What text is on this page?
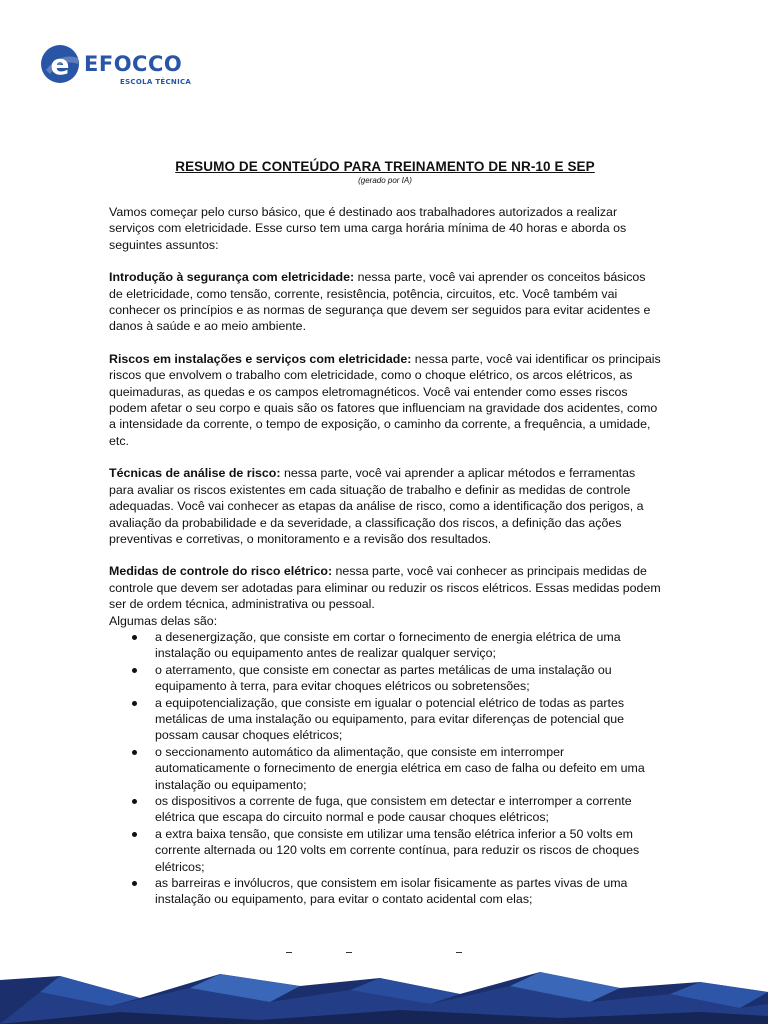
e EFOCCO
ESCOLA TÉCNICA

RESUMO DE CONTEÚDO PARA TREINAMENTO DE NR-10 E SEP

(gerado por IA)

Vamos começar pelo curso básico, que é destinado aos trabalhadores autorizados a realizar serviços com eletricidade. Esse curso tem uma carga horária mínima de 40 horas e aborda os seguintes assuntos:

Introdução à segurança com eletricidade: nessa parte, você vai aprender os conceitos básicos de eletricidade, como tensão, corrente, resistência, potência, circuitos, etc. Você também vai conhecer os princípios e as normas de segurança que devem ser seguidos para evitar acidentes e danos à saúde e ao meio ambiente.

Riscos em instalações e serviços com eletricidade: nessa parte, você vai identificar os principais riscos que envolvem o trabalho com eletricidade, como o choque elétrico, os arcos elétricos, as queimaduras, as quedas e os campos eletromagnéticos. Você vai entender como esses riscos podem afetar o seu corpo e quais são os fatores que influenciam na gravidade dos acidentes, como a intensidade da corrente, o tempo de exposição, o caminho da corrente, a frequência, a umidade, etc.

Técnicas de análise de risco: nessa parte, você vai aprender a aplicar métodos e ferramentas para avaliar os riscos existentes em cada situação de trabalho e definir as medidas de controle adequadas. Você vai conhecer as etapas da análise de risco, como a identificação dos perigos, a avaliação da probabilidade e da severidade, a classificação dos riscos, a definição das ações preventivas e corretivas, o monitoramento e a revisão dos resultados.

Medidas de controle do risco elétrico: nessa parte, você vai conhecer as principais medidas de controle que devem ser adotadas para eliminar ou reduzir os riscos elétricos. Essas medidas podem ser de ordem técnica, administrativa ou pessoal.

Algumas delas são:

a desenergização, que consiste em cortar o fornecimento de energia elétrica de uma instalação ou equipamento antes de realizar qualquer serviço;
o aterramento, que consiste em conectar as partes metálicas de uma instalação ou equipamento à terra, para evitar choques elétricos ou sobretensões;
a equipotencialização, que consiste em igualar o potencial elétrico de todas as partes metálicas de uma instalação ou equipamento, para evitar diferenças de potencial que possam causar choques elétricos;
o seccionamento automático da alimentação, que consiste em interromper automaticamente o fornecimento de energia elétrica em caso de falha ou defeito em uma instalação ou equipamento;
os dispositivos a corrente de fuga, que consistem em detectar e interromper a corrente elétrica que escapa do circuito normal e pode causar choques elétricos;
a extra baixa tensão, que consiste em utilizar uma tensão elétrica inferior a 50 volts em corrente alternada ou 120 volts em corrente contínua, para reduzir os riscos de choques elétricos;
as barreiras e invólucros, que consistem em isolar fisicamente as partes vivas de uma instalação ou equipamento, para evitar o contato acidental com elas;
